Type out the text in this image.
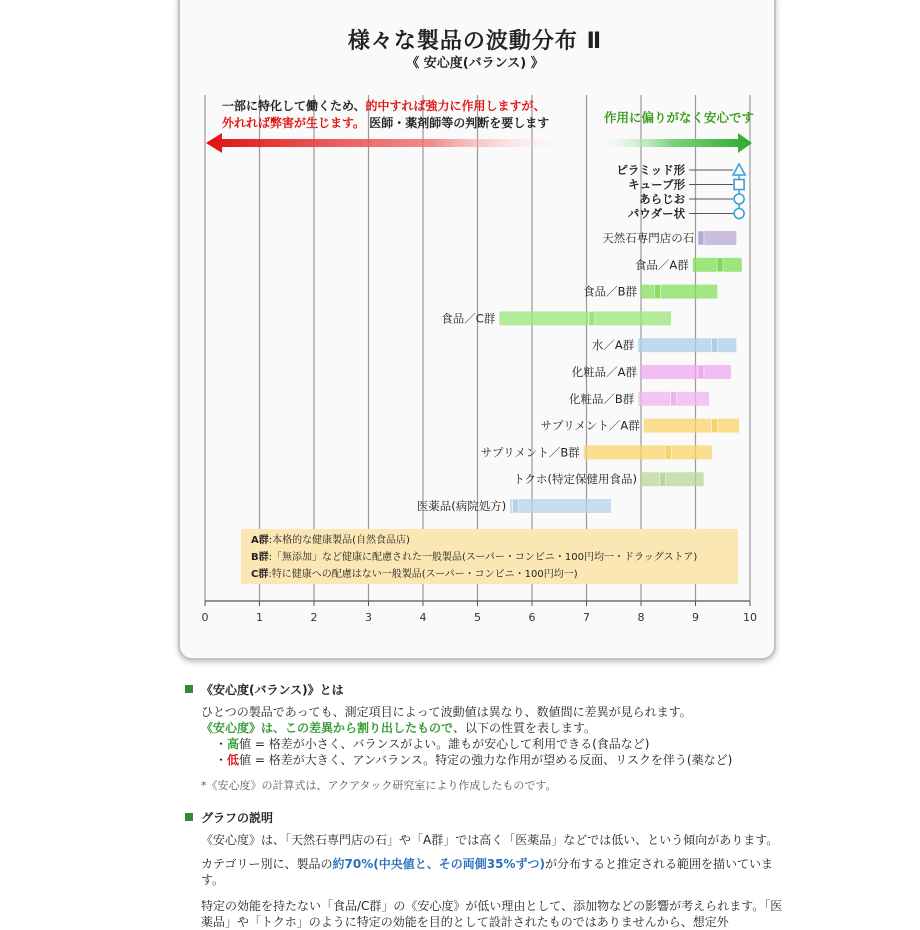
天然石専門店の石
食品／A群
食品／B群
食品／C群
水／A群
化粧品／A群
化粧品／B群
サプリメント／A群
サプリメント／B群
トクホ(特定保健用食品)
医薬品(病院処方)
ピラミッド形
キューブ形
あらじお
パウダー状
0	1	2	3	4	5	6	7	8	9	10
様々な製品の波動分布 Ⅱ
《 安心度(バランス) 》
一部に特化して働くため、的中すれば強力に作用しますが、
外れれば弊害が生じます。 医師・薬剤師等の判断を要します	作用に偏りがなく安心です
A群:本格的な健康製品(自然食品店)
B群:「無添加」など健康に配慮された一般製品(スーパー・コンビニ・100円均一・ドラッグストア)
C群:特に健康への配慮はない一般製品(スーパー・コンビニ・100円均一)
《安心度(バランス)》とは
ひとつの製品であっても、測定項目によって波動値は異なり、数値間に差異が見られます。
《安心度》は、この差異から割り出したもので、以下の性質を表します。
・高値 = 格差が小さく、バランスがよい。誰もが安心して利用できる(食品など)
・低値 = 格差が大きく、アンバランス。特定の強力な作用が望める反面、リスクを伴う(薬など)
*《安心度》の計算式は、アクアタック研究室により作成したものです。
グラフの説明
《安心度》は、「天然石専門店の石」や「A群」では高く「医薬品」などでは低い、という傾向があります。
カテゴリー別に、製品の約70%(中央値と、その両側35%ずつ)が分布すると推定される範囲を描いています。
特定の効能を持たない「食品/C群」の《安心度》が低い理由として、添加物などの影響が考えられます。「医薬品」や「トクホ」のように特定の効能を目的として設計されたものではありませんから、想定外
